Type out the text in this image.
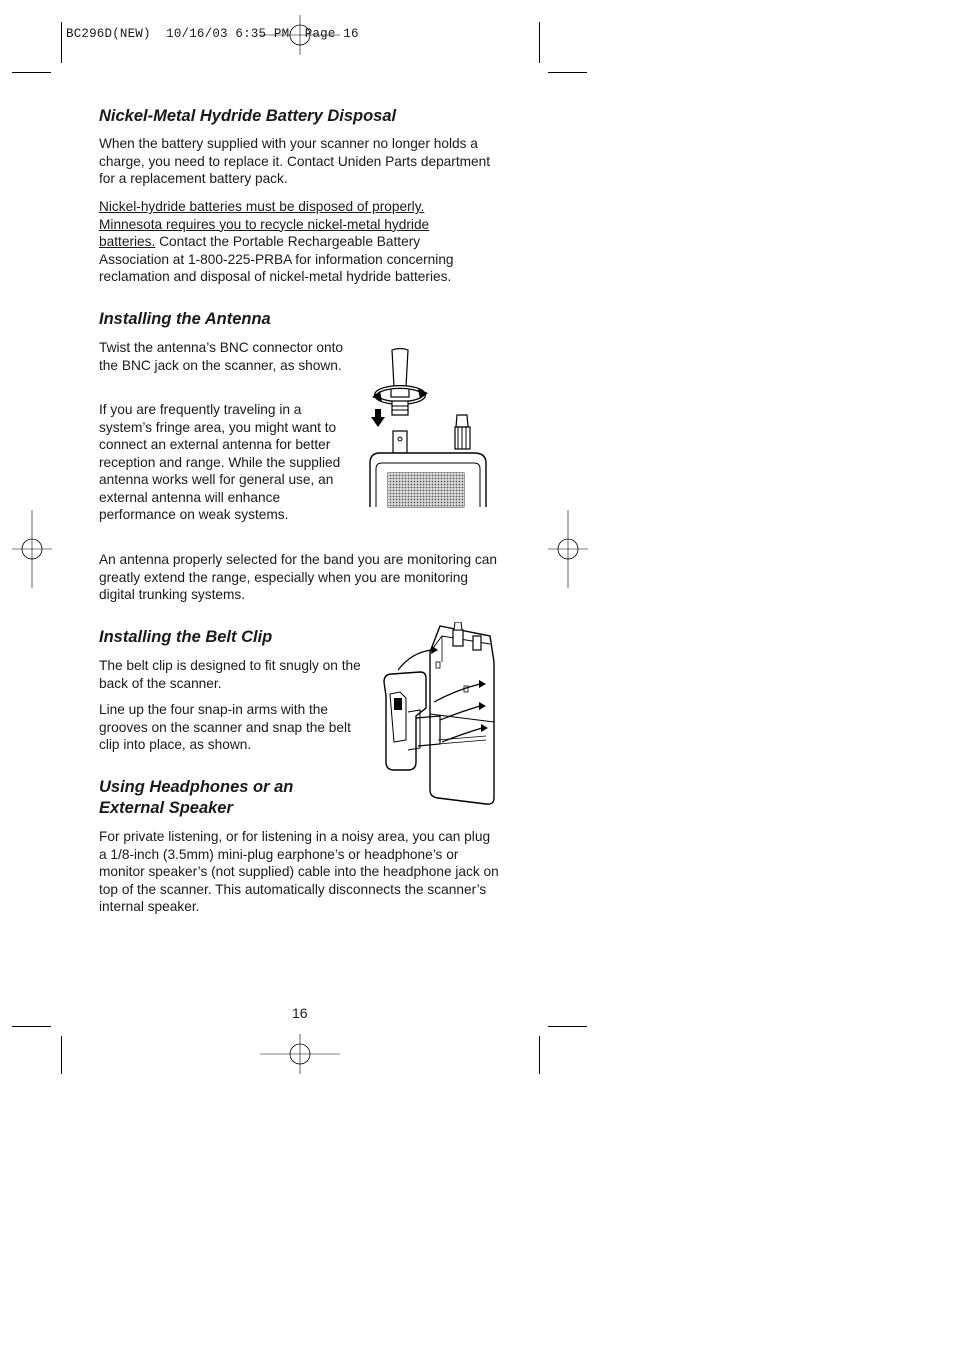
BC296D(NEW)  10/16/03 6:35 PM  Page 16
Nickel-Metal Hydride Battery Disposal

When the battery supplied with your scanner no longer holds a charge, you need to replace it. Contact Uniden Parts department for a replacement battery pack.

Nickel-hydride batteries must be disposed of properly. Minnesota requires you to recycle nickel-metal hydride batteries. Contact the Portable Rechargeable Battery Association at 1-800-225-PRBA for information concerning reclamation and disposal of nickel-metal hydride batteries.

Installing the Antenna

Twist the antenna’s BNC connector onto the BNC jack on the scanner, as shown.

If you are frequently traveling in a system’s fringe area, you might want to connect an external antenna for better reception and range. While the supplied antenna works well for general use, an external antenna will enhance performance on weak systems.

An antenna properly selected for the band you are monitoring can greatly extend the range, especially when you are monitoring digital trunking systems.

Installing the Belt Clip

The belt clip is designed to fit snugly on the back of the scanner.

Line up the four snap-in arms with the grooves on the scanner and snap the belt clip into place, as shown.

Using Headphones or an
External Speaker

For private listening, or for listening in a noisy area, you can plug a 1/8-inch (3.5mm) mini-plug earphone’s or headphone’s or monitor speaker’s (not supplied) cable into the headphone jack on top of the scanner. This automatically disconnects the scanner’s internal speaker.

16
